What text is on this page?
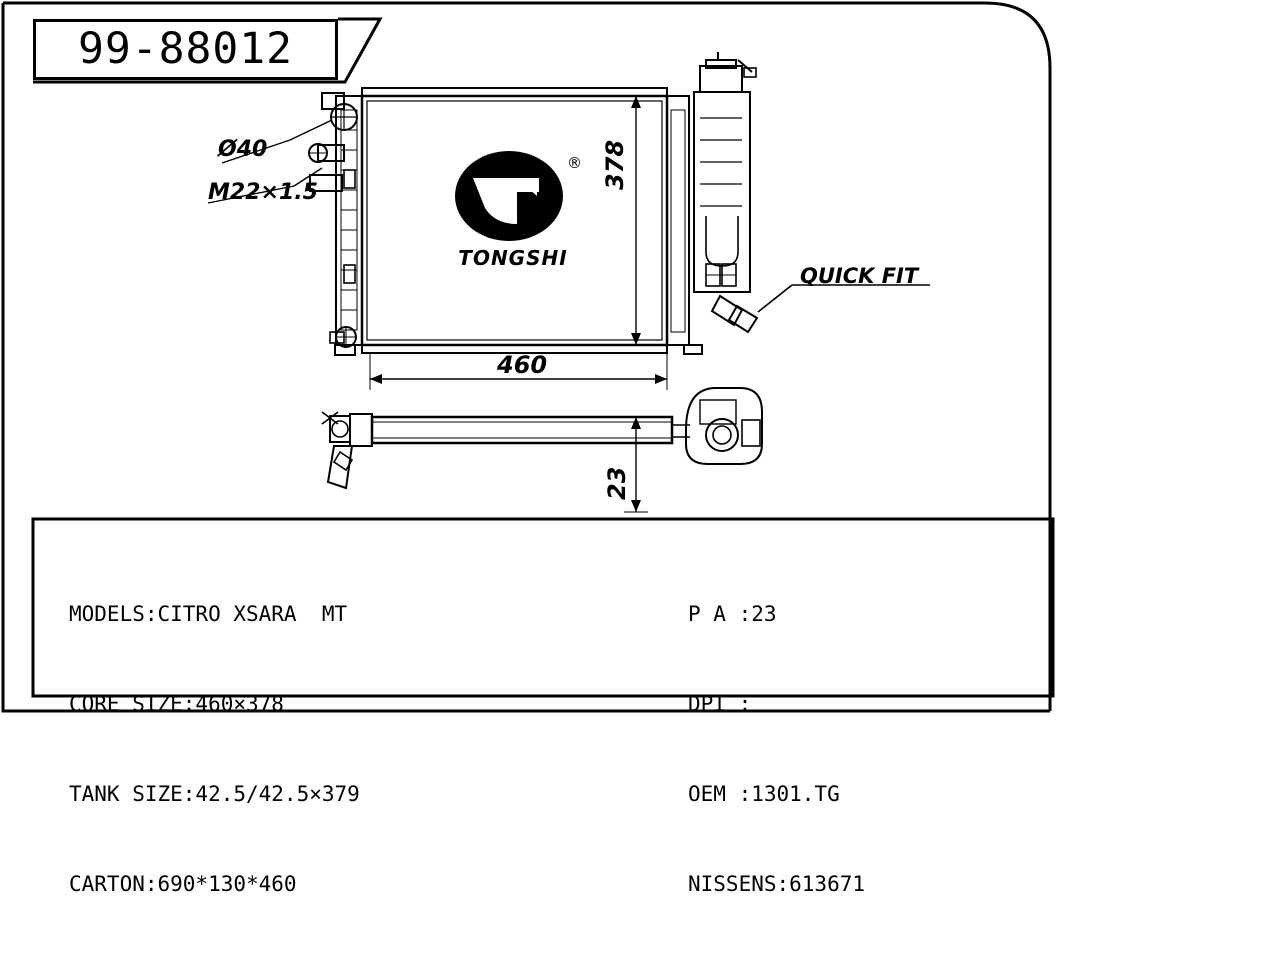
99-88012
®
TONGSHI
Ø40
M22×1.5
QUICK FIT
460
378
23

MODELS:CITRO XSARA  MT

CORE SIZE:460×378

TANK SIZE:42.5/42.5×379

CARTON:690*130*460

P A :23

DPI :

OEM :1301.TG

NISSENS:613671
